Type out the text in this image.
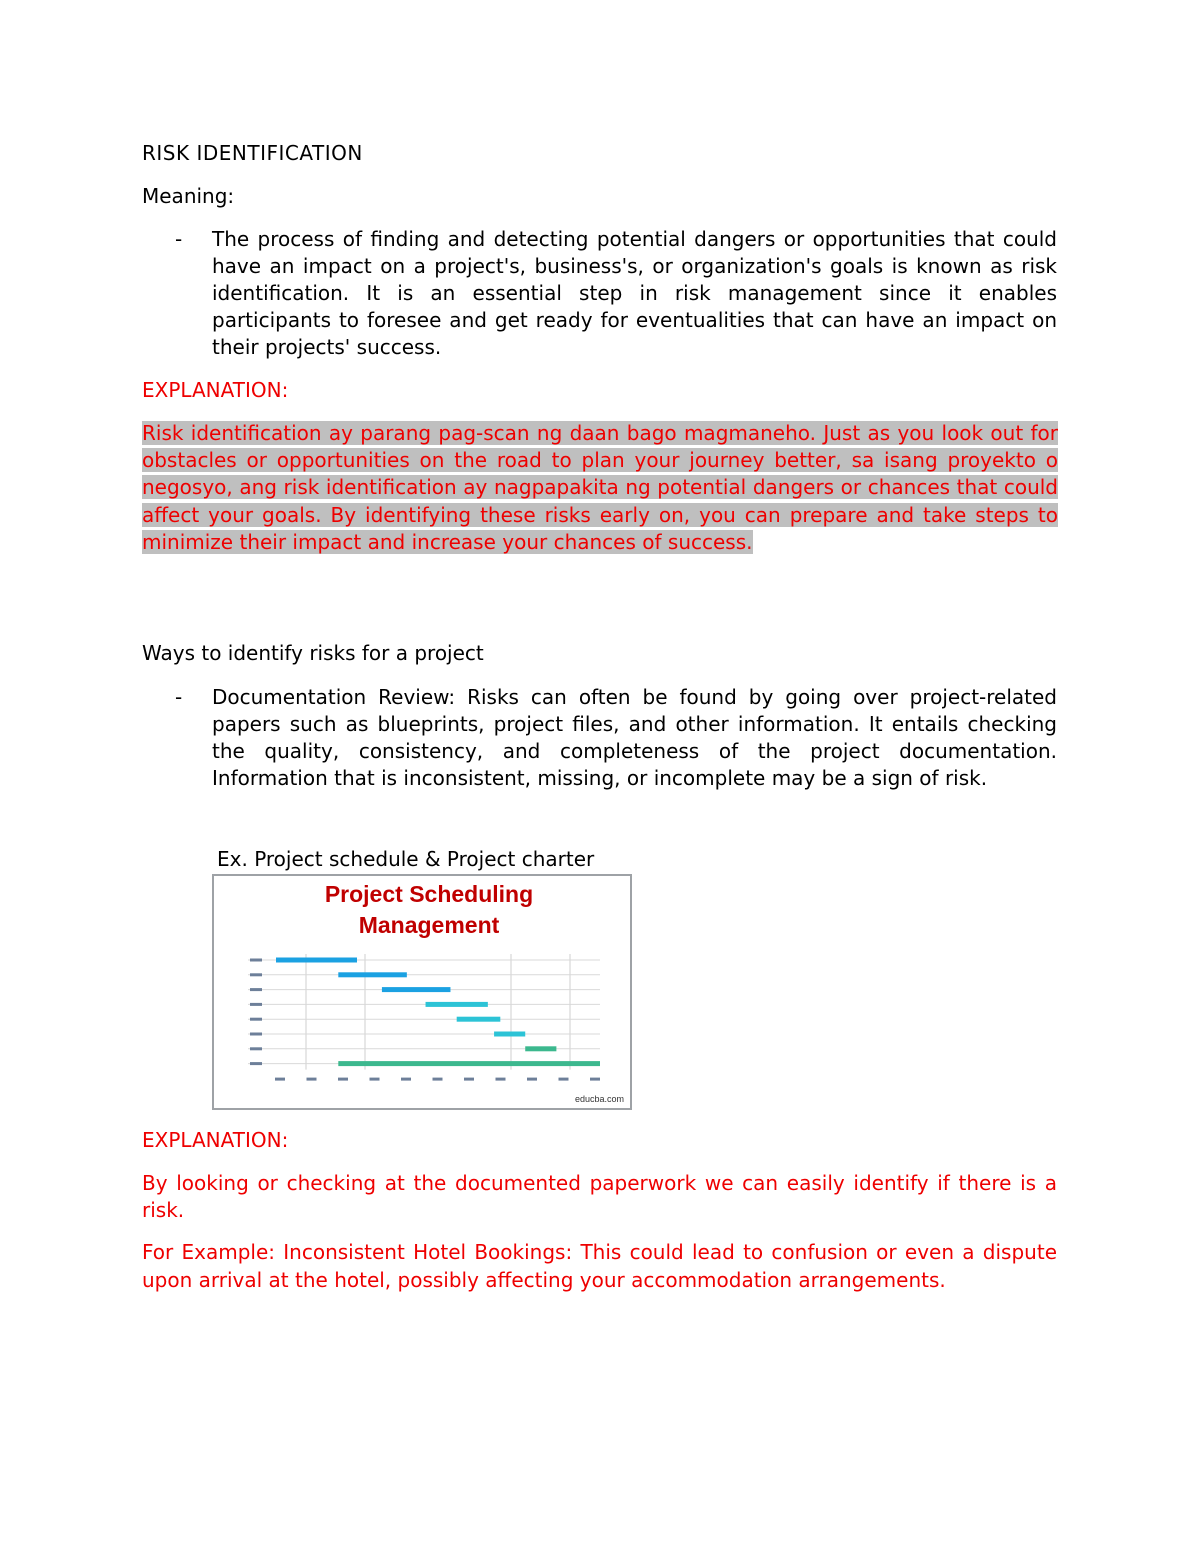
RISK IDENTIFICATION
Meaning:
- The process of finding and detecting potential dangers or opportunities that could have an impact on a project's, business's, or organization's goals is known as risk identification. It is an essential step in risk management since it enables participants to foresee and get ready for eventualities that can have an impact on their projects' success.
EXPLANATION:
Risk identification ay parang pag-scan ng daan bago magmaneho. Just as you look out for obstacles or opportunities on the road to plan your journey better, sa isang proyekto o negosyo, ang risk identification ay nagpapakita ng potential dangers or chances that could affect your goals. By identifying these risks early on, you can prepare and take steps to minimize their impact and increase your chances of success.
Ways to identify risks for a project
- Documentation Review: Risks can often be found by going over project-related papers such as blueprints, project files, and other information. It entails checking the quality, consistency, and completeness of the project documentation. Information that is inconsistent, missing, or incomplete may be a sign of risk.
Ex. Project schedule & Project charter
Project Scheduling
Management
educba.com
EXPLANATION:
By looking or checking at the documented paperwork we can easily identify if there is a risk.
For Example: Inconsistent Hotel Bookings: This could lead to confusion or even a dispute upon arrival at the hotel, possibly affecting your accommodation arrangements.
